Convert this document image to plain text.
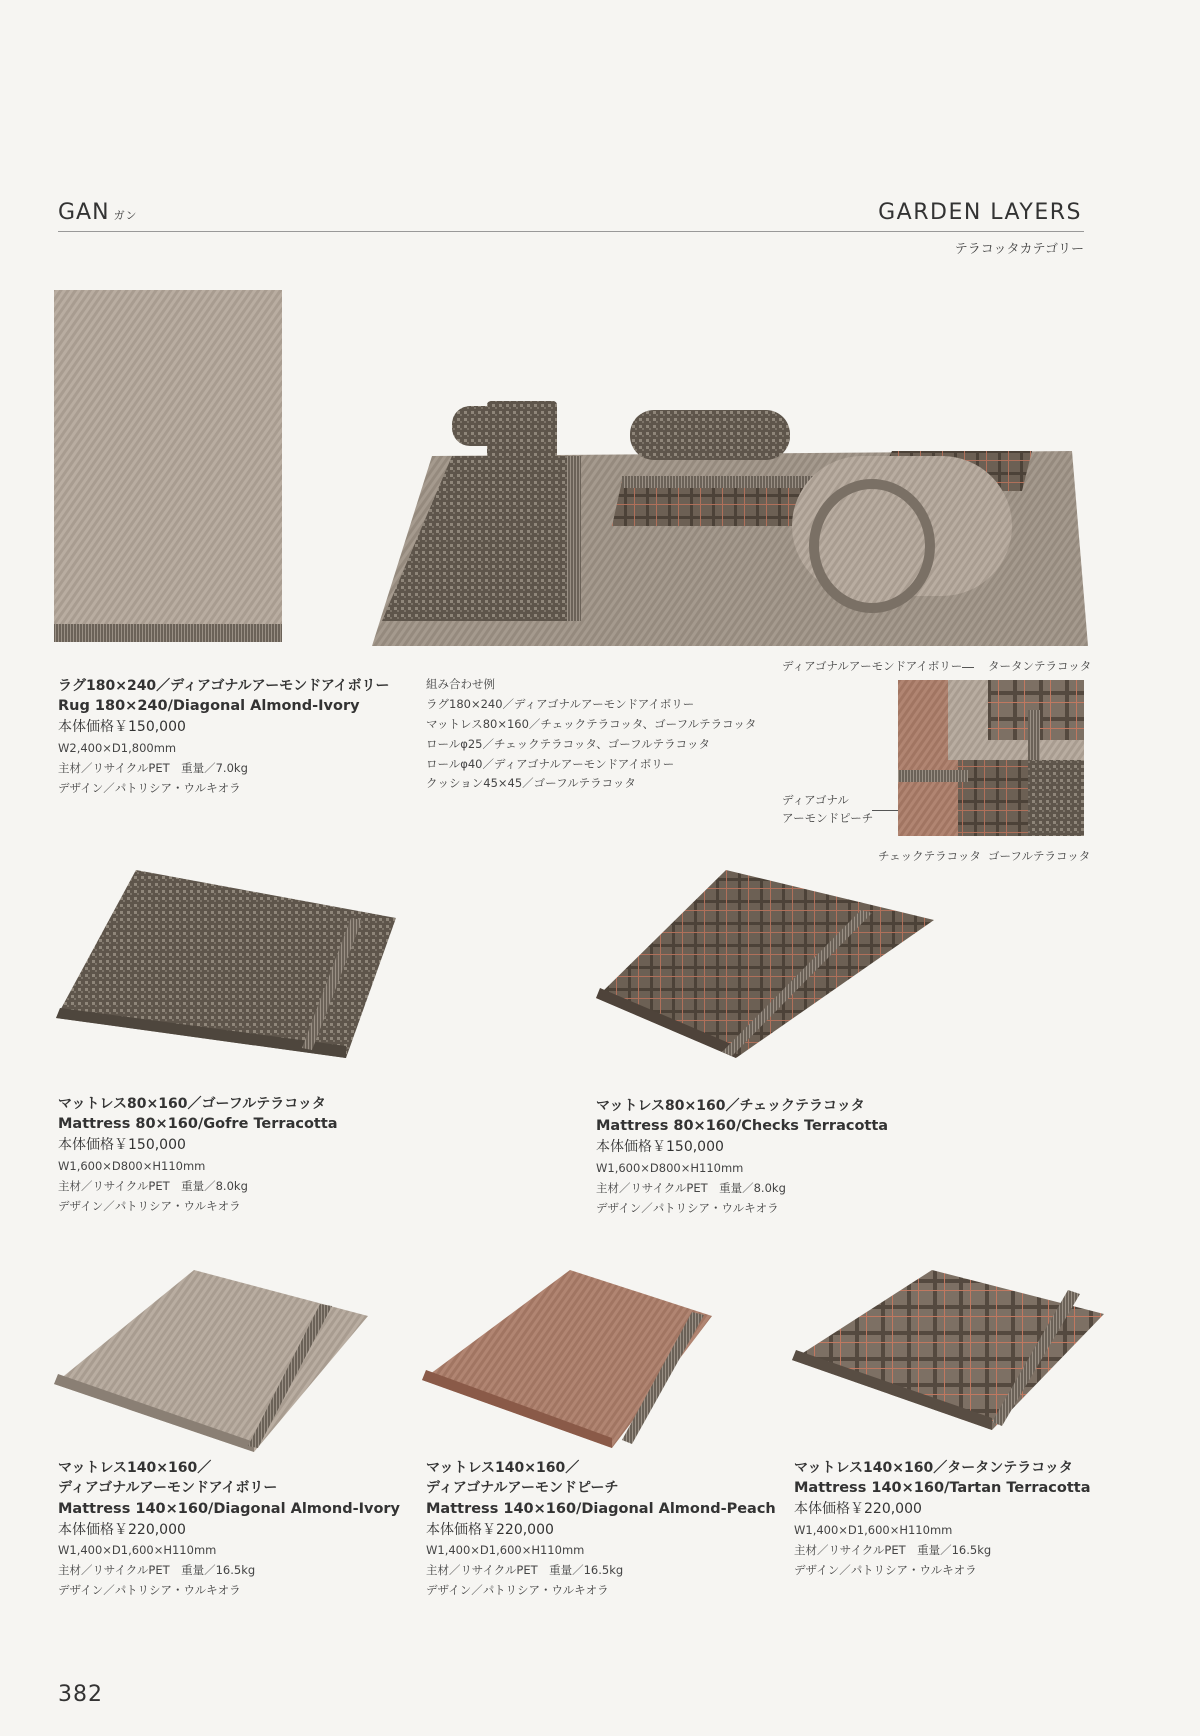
GAN ガン	GARDEN LAYERS
テラコッタカテゴリー
ラグ180×240／ディアゴナルアーモンドアイボリー
Rug 180×240/Diagonal Almond-Ivory
本体価格￥150,000
W2,400×D1,800mm
主材／リサイクルPET　重量／7.0kg
デザイン／パトリシア・ウルキオラ
組み合わせ例
ラグ180×240／ディアゴナルアーモンドアイボリー
マットレス80×160／チェックテラコッタ、ゴーフルテラコッタ
ロールφ25／チェックテラコッタ、ゴーフルテラコッタ
ロールφ40／ディアゴナルアーモンドアイボリー
クッション45×45／ゴーフルテラコッタ
ディアゴナルアーモンドアイボリー タータンテラコッタ
ディアゴナル
アーモンドピーチ
チェックテラコッタ ゴーフルテラコッタ
マットレス80×160／ゴーフルテラコッタ
Mattress 80×160/Gofre Terracotta
本体価格￥150,000
W1,600×D800×H110mm
主材／リサイクルPET　重量／8.0kg
デザイン／パトリシア・ウルキオラ
マットレス80×160／チェックテラコッタ
Mattress 80×160/Checks Terracotta
本体価格￥150,000
W1,600×D800×H110mm
主材／リサイクルPET　重量／8.0kg
デザイン／パトリシア・ウルキオラ
マットレス140×160／
ディアゴナルアーモンドアイボリー
Mattress 140×160/Diagonal Almond-Ivory
本体価格￥220,000
W1,400×D1,600×H110mm
主材／リサイクルPET　重量／16.5kg
デザイン／パトリシア・ウルキオラ
マットレス140×160／
ディアゴナルアーモンドピーチ
Mattress 140×160/Diagonal Almond-Peach
本体価格￥220,000
W1,400×D1,600×H110mm
主材／リサイクルPET　重量／16.5kg
デザイン／パトリシア・ウルキオラ
マットレス140×160／タータンテラコッタ
Mattress 140×160/Tartan Terracotta
本体価格￥220,000
W1,400×D1,600×H110mm
主材／リサイクルPET　重量／16.5kg
デザイン／パトリシア・ウルキオラ
382
